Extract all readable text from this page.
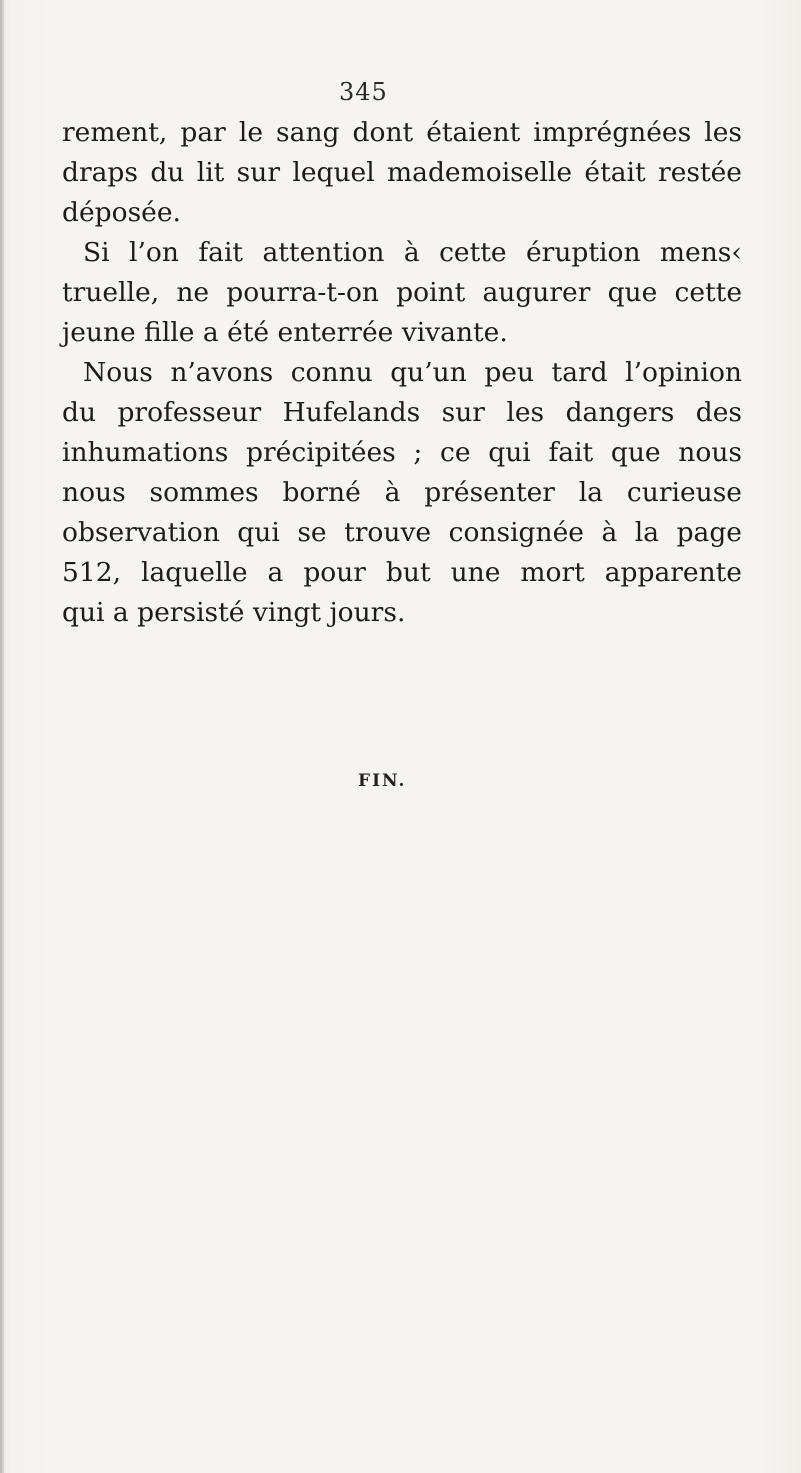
345
rement, par le sang dont étaient imprégnées les
draps du lit sur lequel mademoiselle était restée
déposée.
Si l’on fait attention à cette éruption mens‹
truelle, ne pourra-t-on point augurer que cette
jeune fille a été enterrée vivante.
Nous n’avons connu qu’un peu tard l’opinion
du professeur Hufelands sur les dangers des
inhumations précipitées ; ce qui fait que nous
nous sommes borné à présenter la curieuse
observation qui se trouve consignée à la page
512, laquelle a pour but une mort apparente
qui a persisté vingt jours.
FIN.
